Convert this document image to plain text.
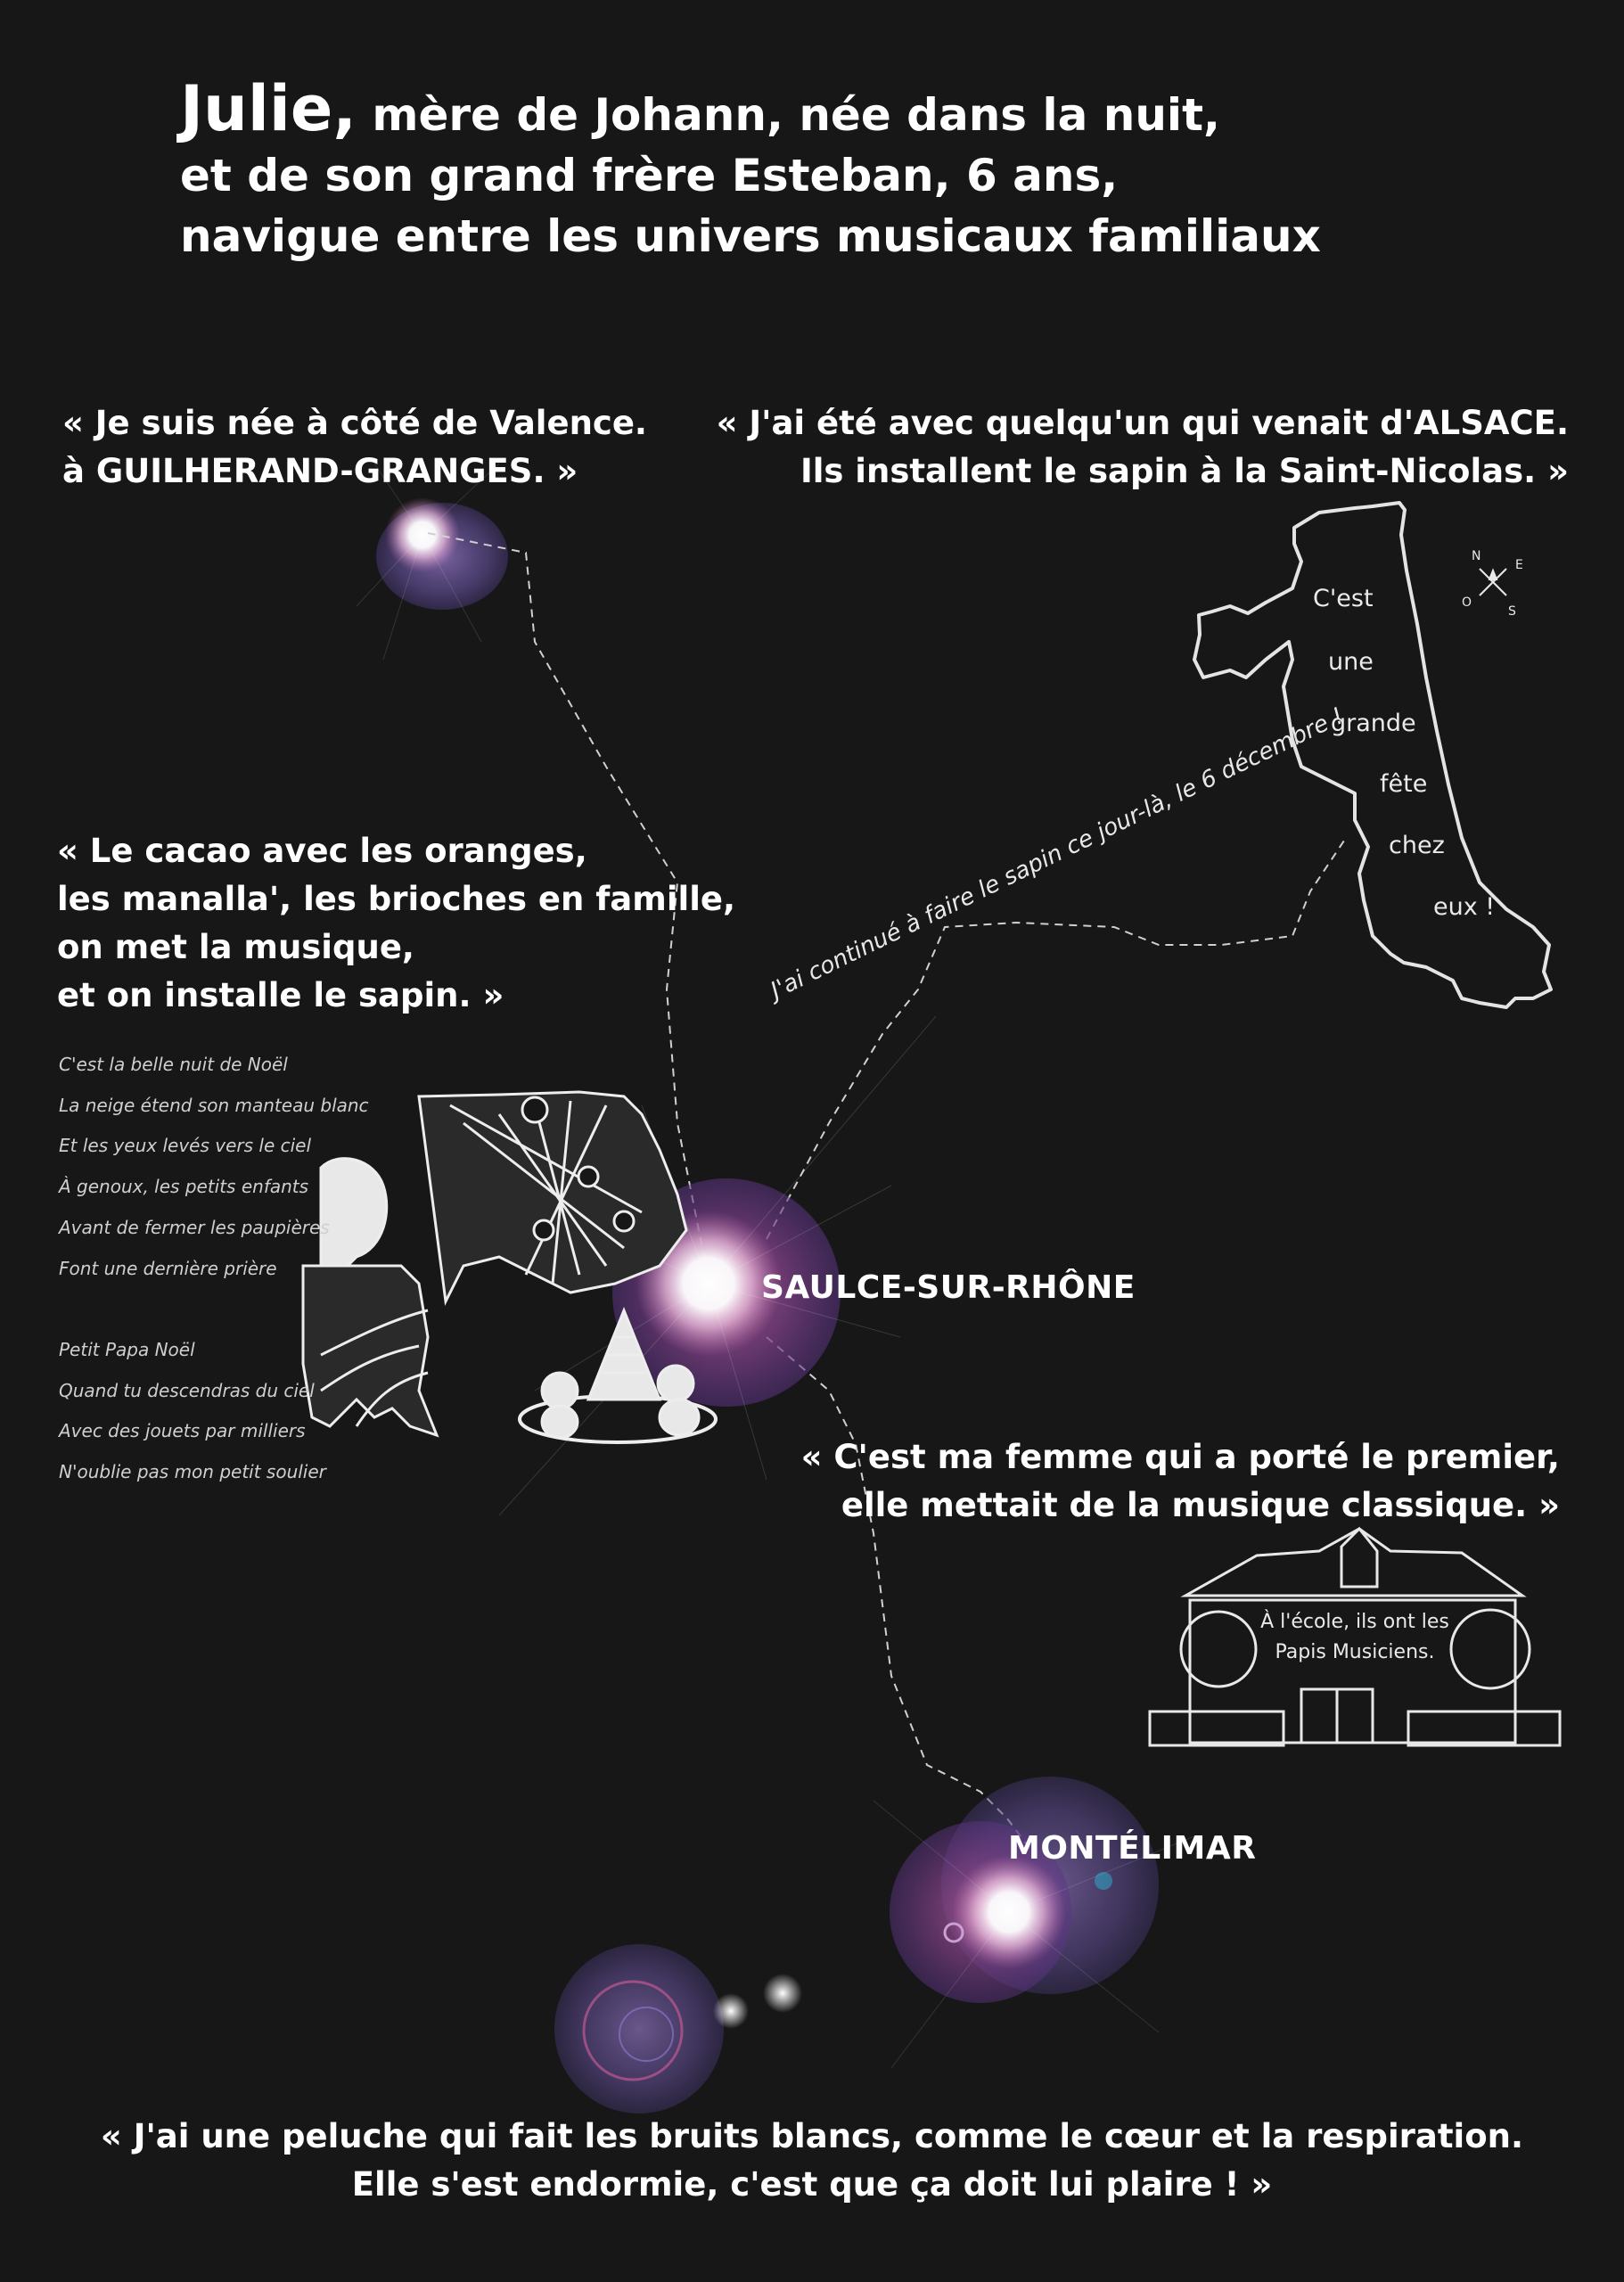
Julie, mère de Johann, née dans la nuit,
et de son grand frère Esteban, 6 ans,
navigue entre les univers musicaux familiaux
« Je suis née à côté de Valence.
à GUILHERAND-GRANGES. »
« J'ai été avec quelqu'un qui venait d'ALSACE.
Ils installent le sapin à la Saint-Nicolas. »
C'est
une
grande
fête
chez
eux !
N
E
O
S
J'ai continué à faire le sapin ce jour-là, le 6 décembre !
« Le cacao avec les oranges,
les manalla', les brioches en famille,
on met la musique,
et on installe le sapin. »
C'est la belle nuit de Noël
La neige étend son manteau blanc
Et les yeux levés vers le ciel
À genoux, les petits enfants
Avant de fermer les paupières
Font une dernière prière
Petit Papa Noël
Quand tu descendras du ciel
Avec des jouets par milliers
N'oublie pas mon petit soulier
SAULCE-SUR-RHÔNE
MONTÉLIMAR
« C'est ma femme qui a porté le premier,
elle mettait de la musique classique. »
À l'école, ils ont les
Papis Musiciens.
« J'ai une peluche qui fait les bruits blancs, comme le cœur et la respiration.
Elle s'est endormie, c'est que ça doit lui plaire ! »
